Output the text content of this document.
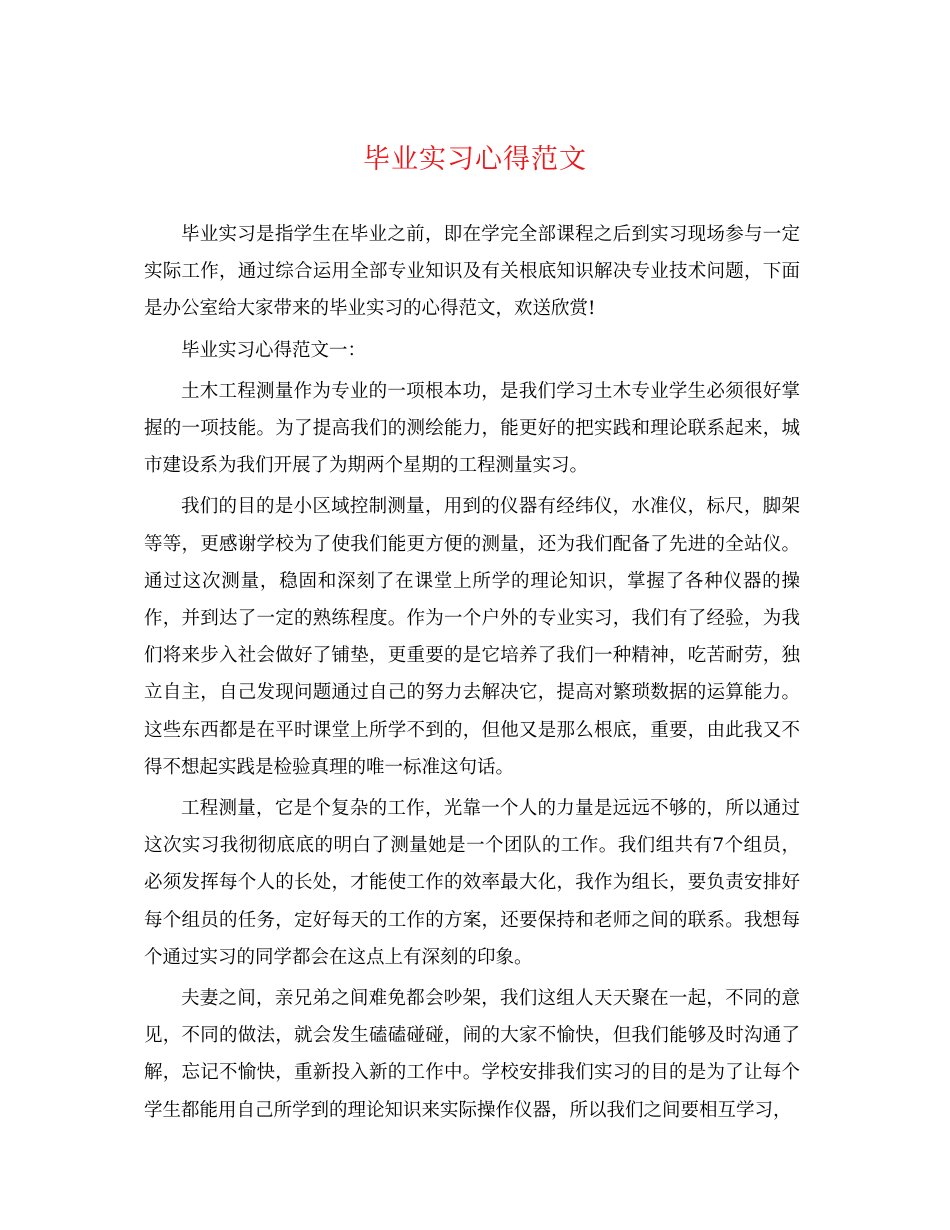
毕业实习心得范文

毕业实习是指学生在毕业之前，即在学完全部课程之后到实习现场参与一定实际工作，通过综合运用全部专业知识及有关根底知识解决专业技术问题，下面是办公室给大家带来的毕业实习的心得范文，欢送欣赏!

毕业实习心得范文一：

土木工程测量作为专业的一项根本功，是我们学习土木专业学生必须很好掌握的一项技能。为了提高我们的测绘能力，能更好的把实践和理论联系起来，城市建设系为我们开展了为期两个星期的工程测量实习。

我们的目的是小区域控制测量，用到的仪器有经纬仪，水准仪，标尺，脚架等等，更感谢学校为了使我们能更方便的测量，还为我们配备了先进的全站仪。通过这次测量，稳固和深刻了在课堂上所学的理论知识，掌握了各种仪器的操作，并到达了一定的熟练程度。作为一个户外的专业实习，我们有了经验，为我们将来步入社会做好了铺垫，更重要的是它培养了我们一种精神，吃苦耐劳，独立自主，自己发现问题通过自己的努力去解决它，提高对繁琐数据的运算能力。这些东西都是在平时课堂上所学不到的，但他又是那么根底，重要，由此我又不得不想起实践是检验真理的唯一标准这句话。

工程测量，它是个复杂的工作，光靠一个人的力量是远远不够的，所以通过这次实习我彻彻底底的明白了测量她是一个团队的工作。我们组共有7个组员，必须发挥每个人的长处，才能使工作的效率最大化，我作为组长，要负责安排好每个组员的任务，定好每天的工作的方案，还要保持和老师之间的联系。我想每个通过实习的同学都会在这点上有深刻的印象。

夫妻之间，亲兄弟之间难免都会吵架，我们这组人天天聚在一起，不同的意见，不同的做法，就会发生磕磕碰碰，闹的大家不愉快，但我们能够及时沟通了解，忘记不愉快，重新投入新的工作中。学校安排我们实习的目的是为了让每个学生都能用自己所学到的理论知识来实际操作仪器，所以我们之间要相互学习，
